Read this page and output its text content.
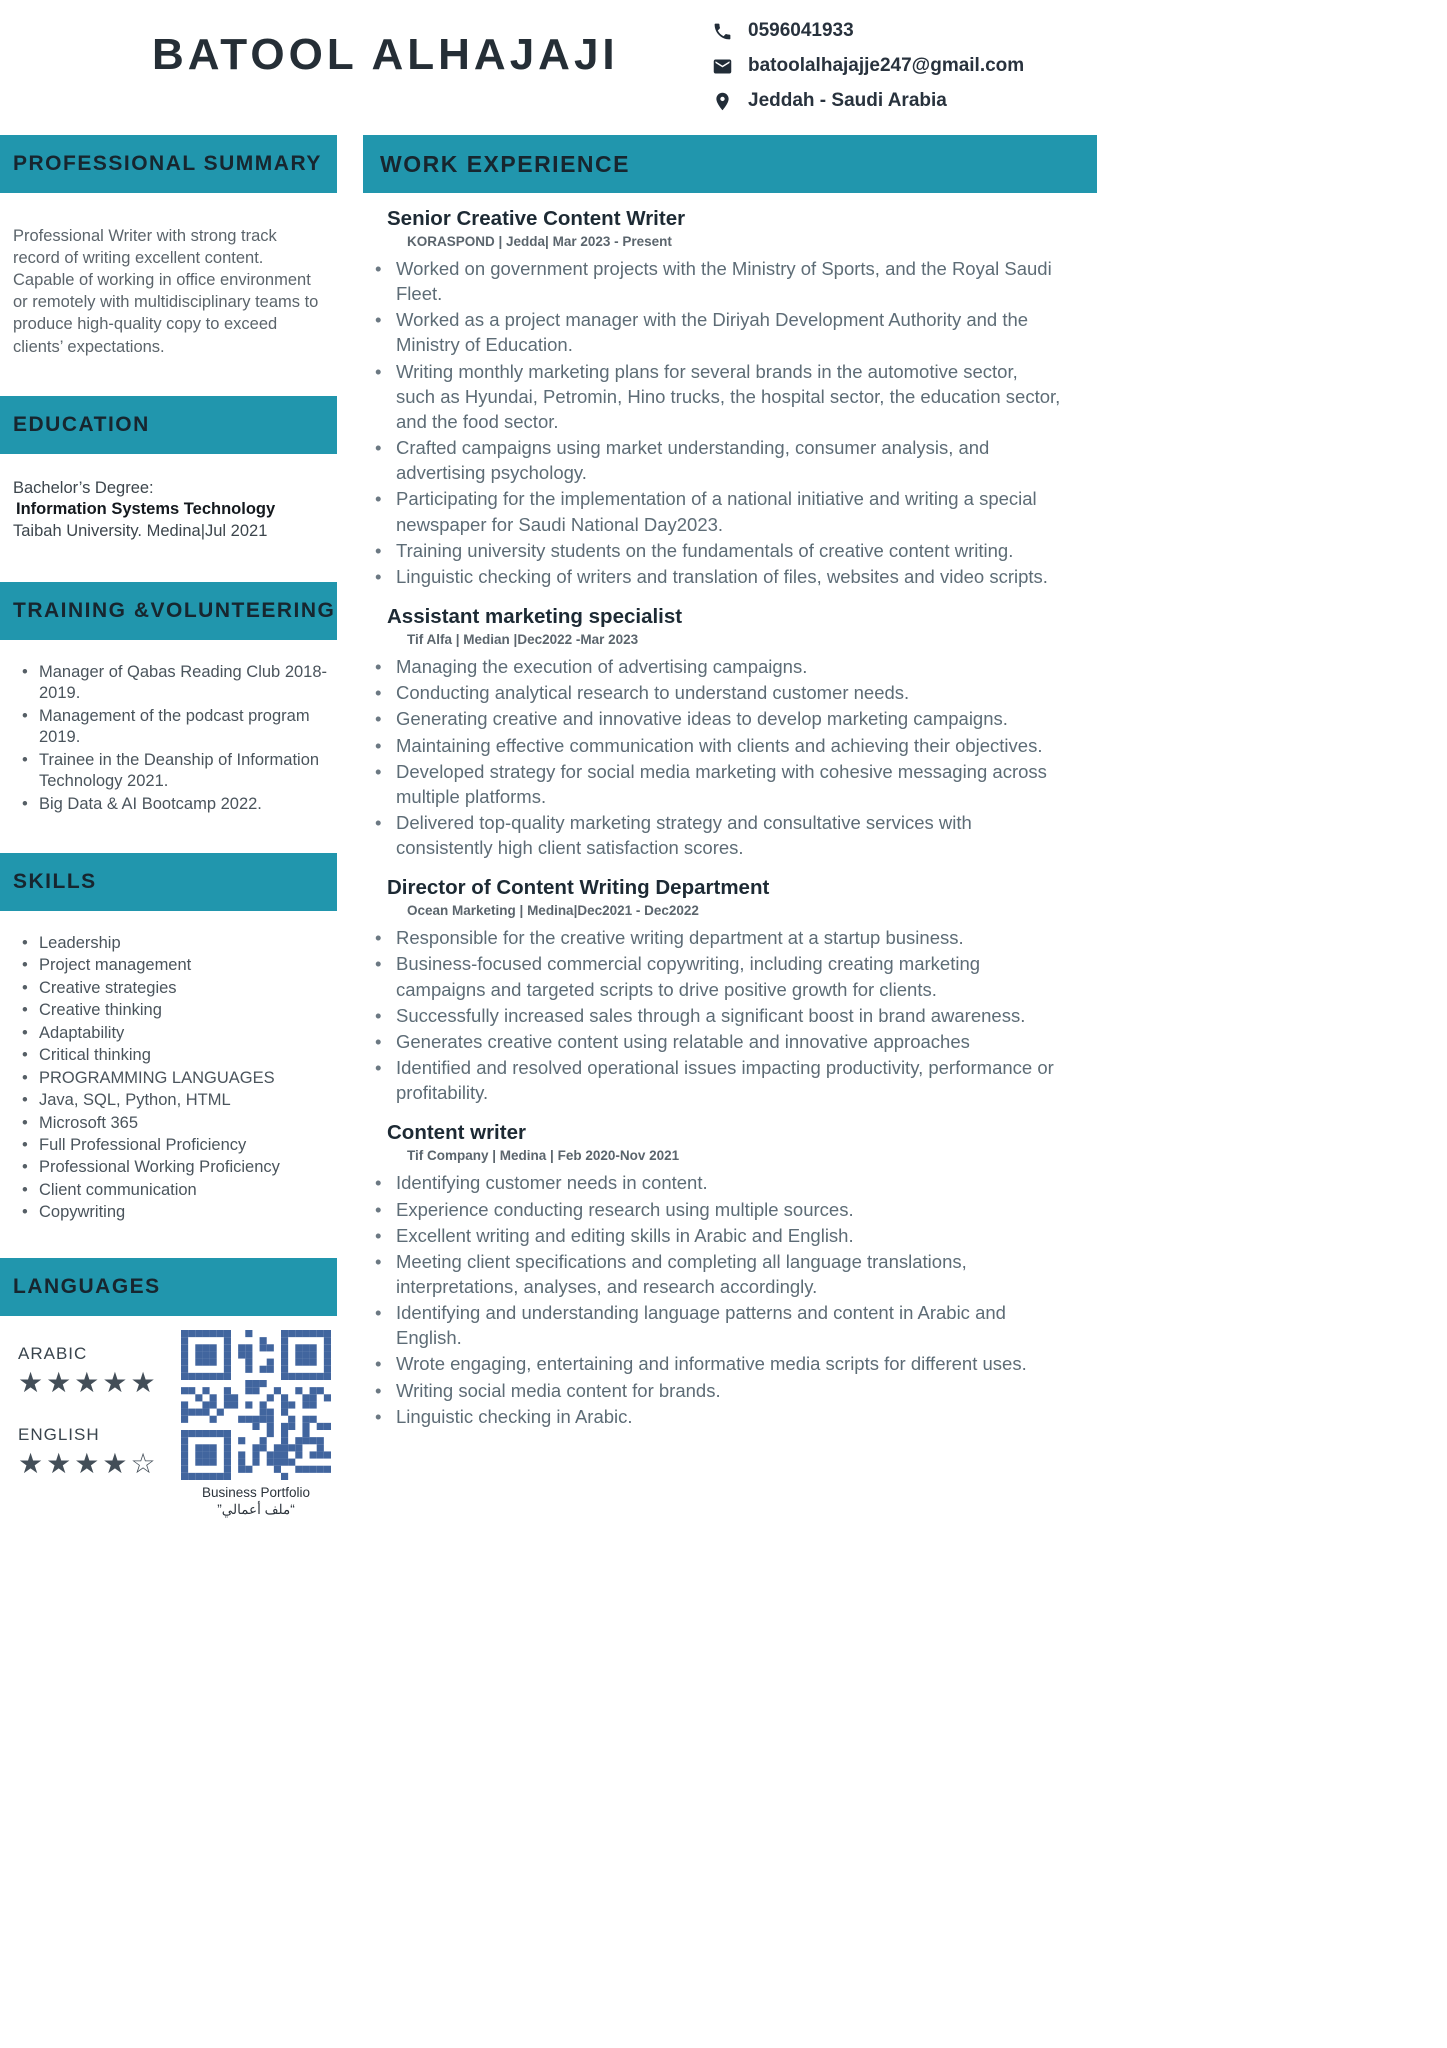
BATOOL ALHAJAJI	0596041933
batoolalhajajje247@gmail.com
Jeddah - Saudi Arabia
PROFESSIONAL SUMMARY

Professional Writer with strong track record of writing excellent content. Capable of working in office environment or remotely with multidisciplinary teams to produce high-quality copy to exceed clients’ expectations.

EDUCATION
Bachelor’s Degree:
Information Systems Technology
Taibah University. Medina|Jul 2021
TRAINING &VOLUNTEERING
• Manager of Qabas Reading Club 2018-2019.
• Management of the podcast program 2019.
• Trainee in the Deanship of Information Technology 2021.
• Big Data & AI Bootcamp 2022.
SKILLS
• Leadership
• Project management
• Creative strategies
• Creative thinking
• Adaptability
• Critical thinking
• PROGRAMMING LANGUAGES
• Java, SQL, Python, HTML
• Microsoft 365
• Full Professional Proficiency
• Professional Working Proficiency
• Client communication
• Copywriting
LANGUAGES
ARABIC
★★★★★
ENGLISH
★★★★☆
Business Portfolio
“ملف أعمالي”
WORK EXPERIENCE
Senior Creative Content Writer
KORASPOND | Jedda| Mar 2023 - Present
• Worked on government projects with the Ministry of Sports, and the Royal Saudi Fleet.
• Worked as a project manager with the Diriyah Development Authority and the Ministry of Education.
• Writing monthly marketing plans for several brands in the automotive sector, such as Hyundai, Petromin, Hino trucks, the hospital sector, the education sector, and the food sector.
• Crafted campaigns using market understanding, consumer analysis, and advertising psychology.
• Participating for the implementation of a national initiative and writing a special newspaper for Saudi National Day2023.
• Training university students on the fundamentals of creative content writing.
• Linguistic checking of writers and translation of files, websites and video scripts.
Assistant marketing specialist
Tif Alfa | Median |Dec2022 -Mar 2023
• Managing the execution of advertising campaigns.
• Conducting analytical research to understand customer needs.
• Generating creative and innovative ideas to develop marketing campaigns.
• Maintaining effective communication with clients and achieving their objectives.
• Developed strategy for social media marketing with cohesive messaging across multiple platforms.
• Delivered top-quality marketing strategy and consultative services with consistently high client satisfaction scores.
Director of Content Writing Department
Ocean Marketing | Medina|Dec2021 - Dec2022
• Responsible for the creative writing department at a startup business.
• Business-focused commercial copywriting, including creating marketing campaigns and targeted scripts to drive positive growth for clients.
• Successfully increased sales through a significant boost in brand awareness.
• Generates creative content using relatable and innovative approaches
• Identified and resolved operational issues impacting productivity, performance or profitability.
Content writer
Tif Company | Medina | Feb 2020-Nov 2021
• Identifying customer needs in content.
• Experience conducting research using multiple sources.
• Excellent writing and editing skills in Arabic and English.
• Meeting client specifications and completing all language translations, interpretations, analyses, and research accordingly.
• Identifying and understanding language patterns and content in Arabic and English.
• Wrote engaging, entertaining and informative media scripts for different uses.
• Writing social media content for brands.
• Linguistic checking in Arabic.
